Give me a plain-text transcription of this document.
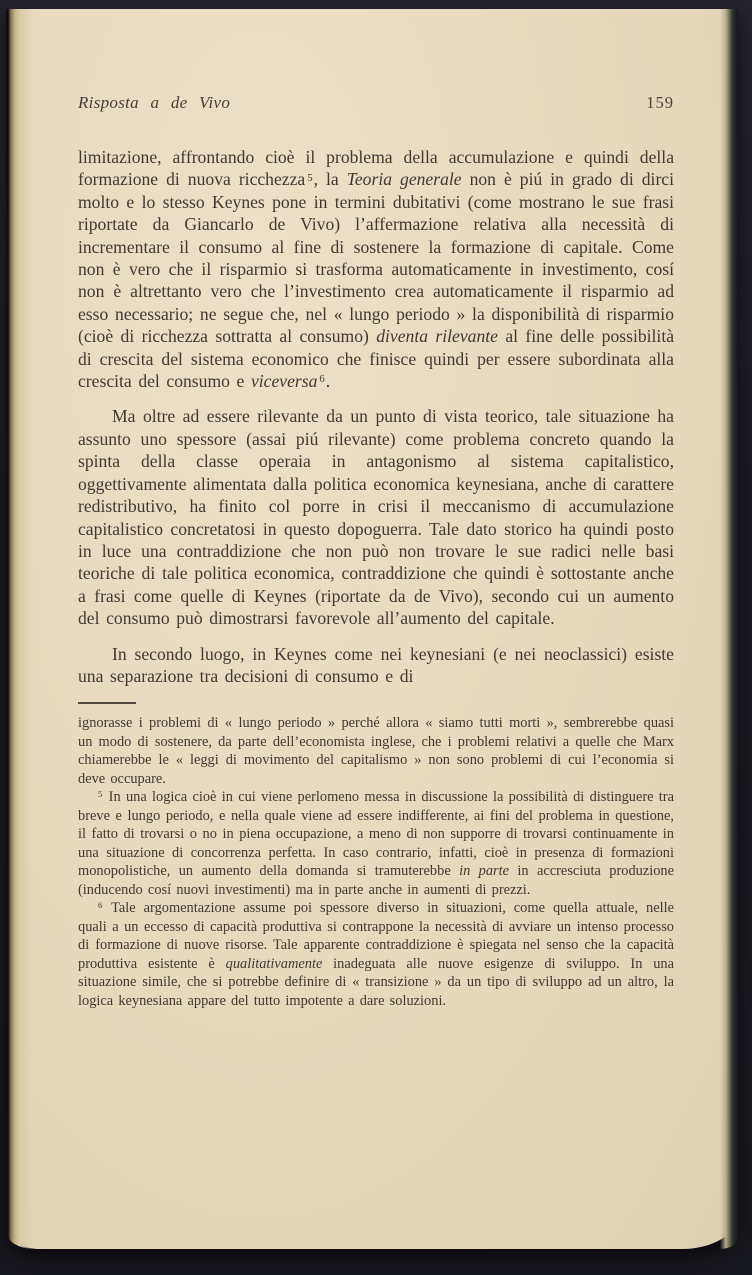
Risposta a de Vivo	159

limitazione, affrontando cioè il problema della accumulazione e quindi della formazione di nuova ricchezza $^5$, la Teoria generale non è piú in grado di dirci molto e lo stesso Keynes pone in termini dubitativi (come mostrano le sue frasi riportate da Giancarlo de Vivo) l’affermazione relativa alla necessità di incrementare il consumo al fine di sostenere la formazione di capitale. Come non è vero che il risparmio si trasforma automaticamente in investimento, cosí non è altrettanto vero che l’investimento crea automaticamente il risparmio ad esso necessario; ne segue che, nel « lungo periodo » la disponibilità di risparmio (cioè di ricchezza sottratta al consumo) diventa rilevante al fine delle possibilità di crescita del sistema economico che finisce quindi per essere subordinata alla crescita del consumo e viceversa $^6$.

Ma oltre ad essere rilevante da un punto di vista teorico, tale situazione ha assunto uno spessore (assai piú rilevante) come problema concreto quando la spinta della classe operaia in antagonismo al sistema capitalistico, oggettivamente alimentata dalla politica economica keynesiana, anche di carattere redistributivo, ha finito col porre in crisi il meccanismo di accumulazione capitalistico concretatosi in questo dopoguerra. Tale dato storico ha quindi posto in luce una contraddizione che non può non trovare le sue radici nelle basi teoriche di tale politica economica, contraddizione che quindi è sottostante anche a frasi come quelle di Keynes (riportate da de Vivo), secondo cui un aumento del consumo può dimostrarsi favorevole all’aumento del capitale.

In secondo luogo, in Keynes come nei keynesiani (e nei neoclassici) esiste una separazione tra decisioni di consumo e di

ignorasse i problemi di « lungo periodo » perché allora « siamo tutti morti », sembrerebbe quasi un modo di sostenere, da parte dell’economista inglese, che i problemi relativi a quelle che Marx chiamerebbe le « leggi di movimento del capitalismo » non sono problemi di cui l’economia si deve occupare.

$^5$ In una logica cioè in cui viene perlomeno messa in discussione la possibilità di distinguere tra breve e lungo periodo, e nella quale viene ad essere indifferente, ai fini del problema in questione, il fatto di trovarsi o no in piena occupazione, a meno di non supporre di trovarsi continuamente in una situazione di concorrenza perfetta. In caso contrario, infatti, cioè in presenza di formazioni monopolistiche, un aumento della domanda si tramuterebbe in parte in accresciuta produzione (inducendo cosí nuovi investimenti) ma in parte anche in aumenti di prezzi.

$^6$ Tale argomentazione assume poi spessore diverso in situazioni, come quella attuale, nelle quali a un eccesso di capacità produttiva si contrappone la necessità di avviare un intenso processo di formazione di nuove risorse. Tale apparente contraddizione è spiegata nel senso che la capacità produttiva esistente è qualitativamente inadeguata alle nuove esigenze di sviluppo. In una situazione simile, che si potrebbe definire di « transizione » da un tipo di sviluppo ad un altro, la logica keynesiana appare del tutto impotente a dare soluzioni.
